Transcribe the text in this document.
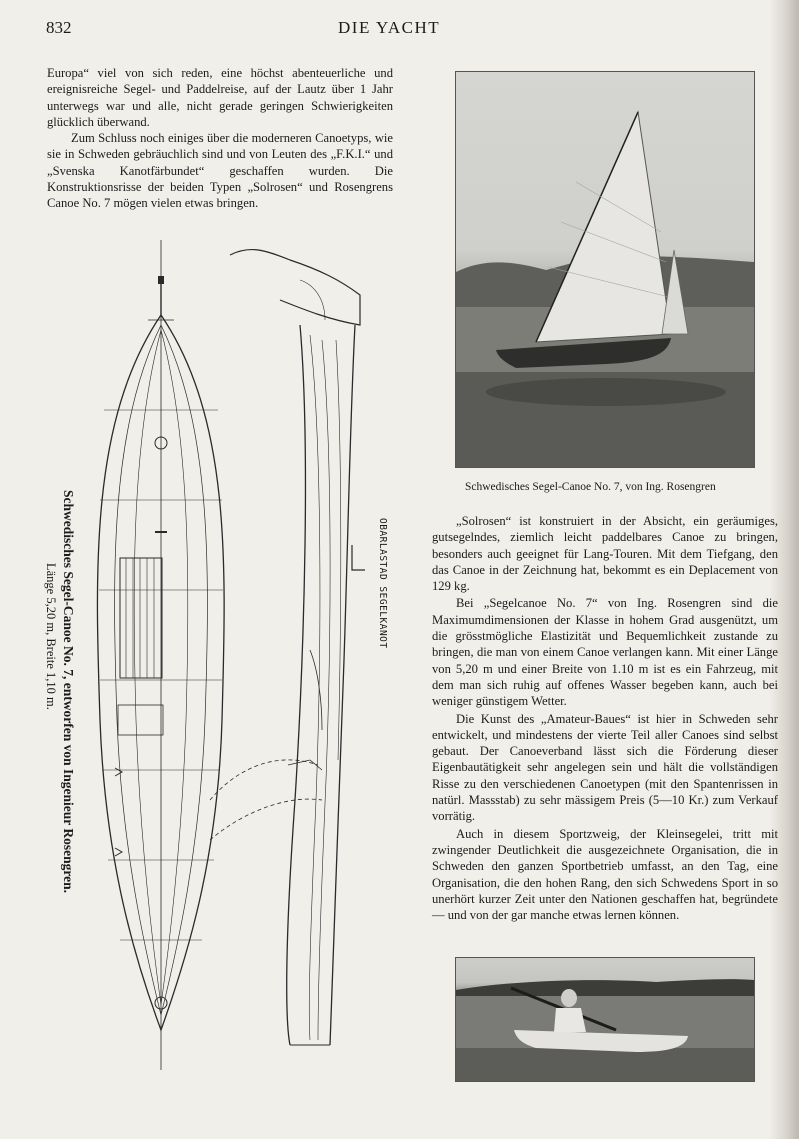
832	DIE YACHT

Europa“ viel von sich reden, eine höchst abenteuerliche und ereignisreiche Segel- und Paddelreise, auf der Lautz über 1 Jahr unterwegs war und alle, nicht gerade geringen Schwierigkeiten glücklich überwand.

Zum Schluss noch einiges über die moderneren Canoetyps, wie sie in Schweden gebräuchlich sind und von Leuten des „F.K.I.“ und „Svenska Kanotfärbundet“ geschaffen wurden. Die Konstruktionsrisse der beiden Typen „Solrosen“ und Rosengrens Canoe No. 7 mögen vielen etwas bringen.

Schwedisches Segel-Canoe No. 7, entworfen von Ingenieur Rosengren.
Länge 5,20 m, Breite 1,10 m.	OBARLASTAD SEGELKANOT
Schwedisches Segel-Canoe No. 7, von Ing. Rosengren

„Solrosen“ ist konstruiert in der Absicht, ein geräumiges, gutsegelndes, ziemlich leicht paddelbares Canoe zu bringen, besonders auch geeignet für Lang-Touren. Mit dem Tiefgang, den das Canoe in der Zeichnung hat, bekommt es ein Deplacement von 129 kg.

Bei „Segelcanoe No. 7“ von Ing. Rosengren sind die Maximumdimensionen der Klasse in hohem Grad ausgenützt, um die grösstmögliche Elastizität und Bequemlichkeit zustande zu bringen, die man von einem Canoe verlangen kann. Mit einer Länge von 5,20 m und einer Breite von 1.10 m ist es ein Fahrzeug, mit dem man sich ruhig auf offenes Wasser begeben kann, auch bei weniger günstigem Wetter.

Die Kunst des „Amateur-Baues“ ist hier in Schweden sehr entwickelt, und mindestens der vierte Teil aller Canoes sind selbst gebaut. Der Canoeverband lässt sich die Förderung dieser Eigenbautätigkeit sehr angelegen sein und hält die vollständigen Risse zu den verschiedenen Canoetypen (mit den Spantenrissen in natürl. Massstab) zu sehr mässigem Preis (5—10 Kr.) zum Verkauf vorrätig.

Auch in diesem Sportzweig, der Kleinsegelei, tritt mit zwingender Deutlichkeit die ausgezeichnete Organisation, die in Schweden den ganzen Sportbetrieb umfasst, an den Tag, eine Organisation, die den hohen Rang, den sich Schwedens Sport in so unerhört kurzer Zeit unter den Nationen geschaffen hat, begründete — und von der gar manche etwas lernen können.
